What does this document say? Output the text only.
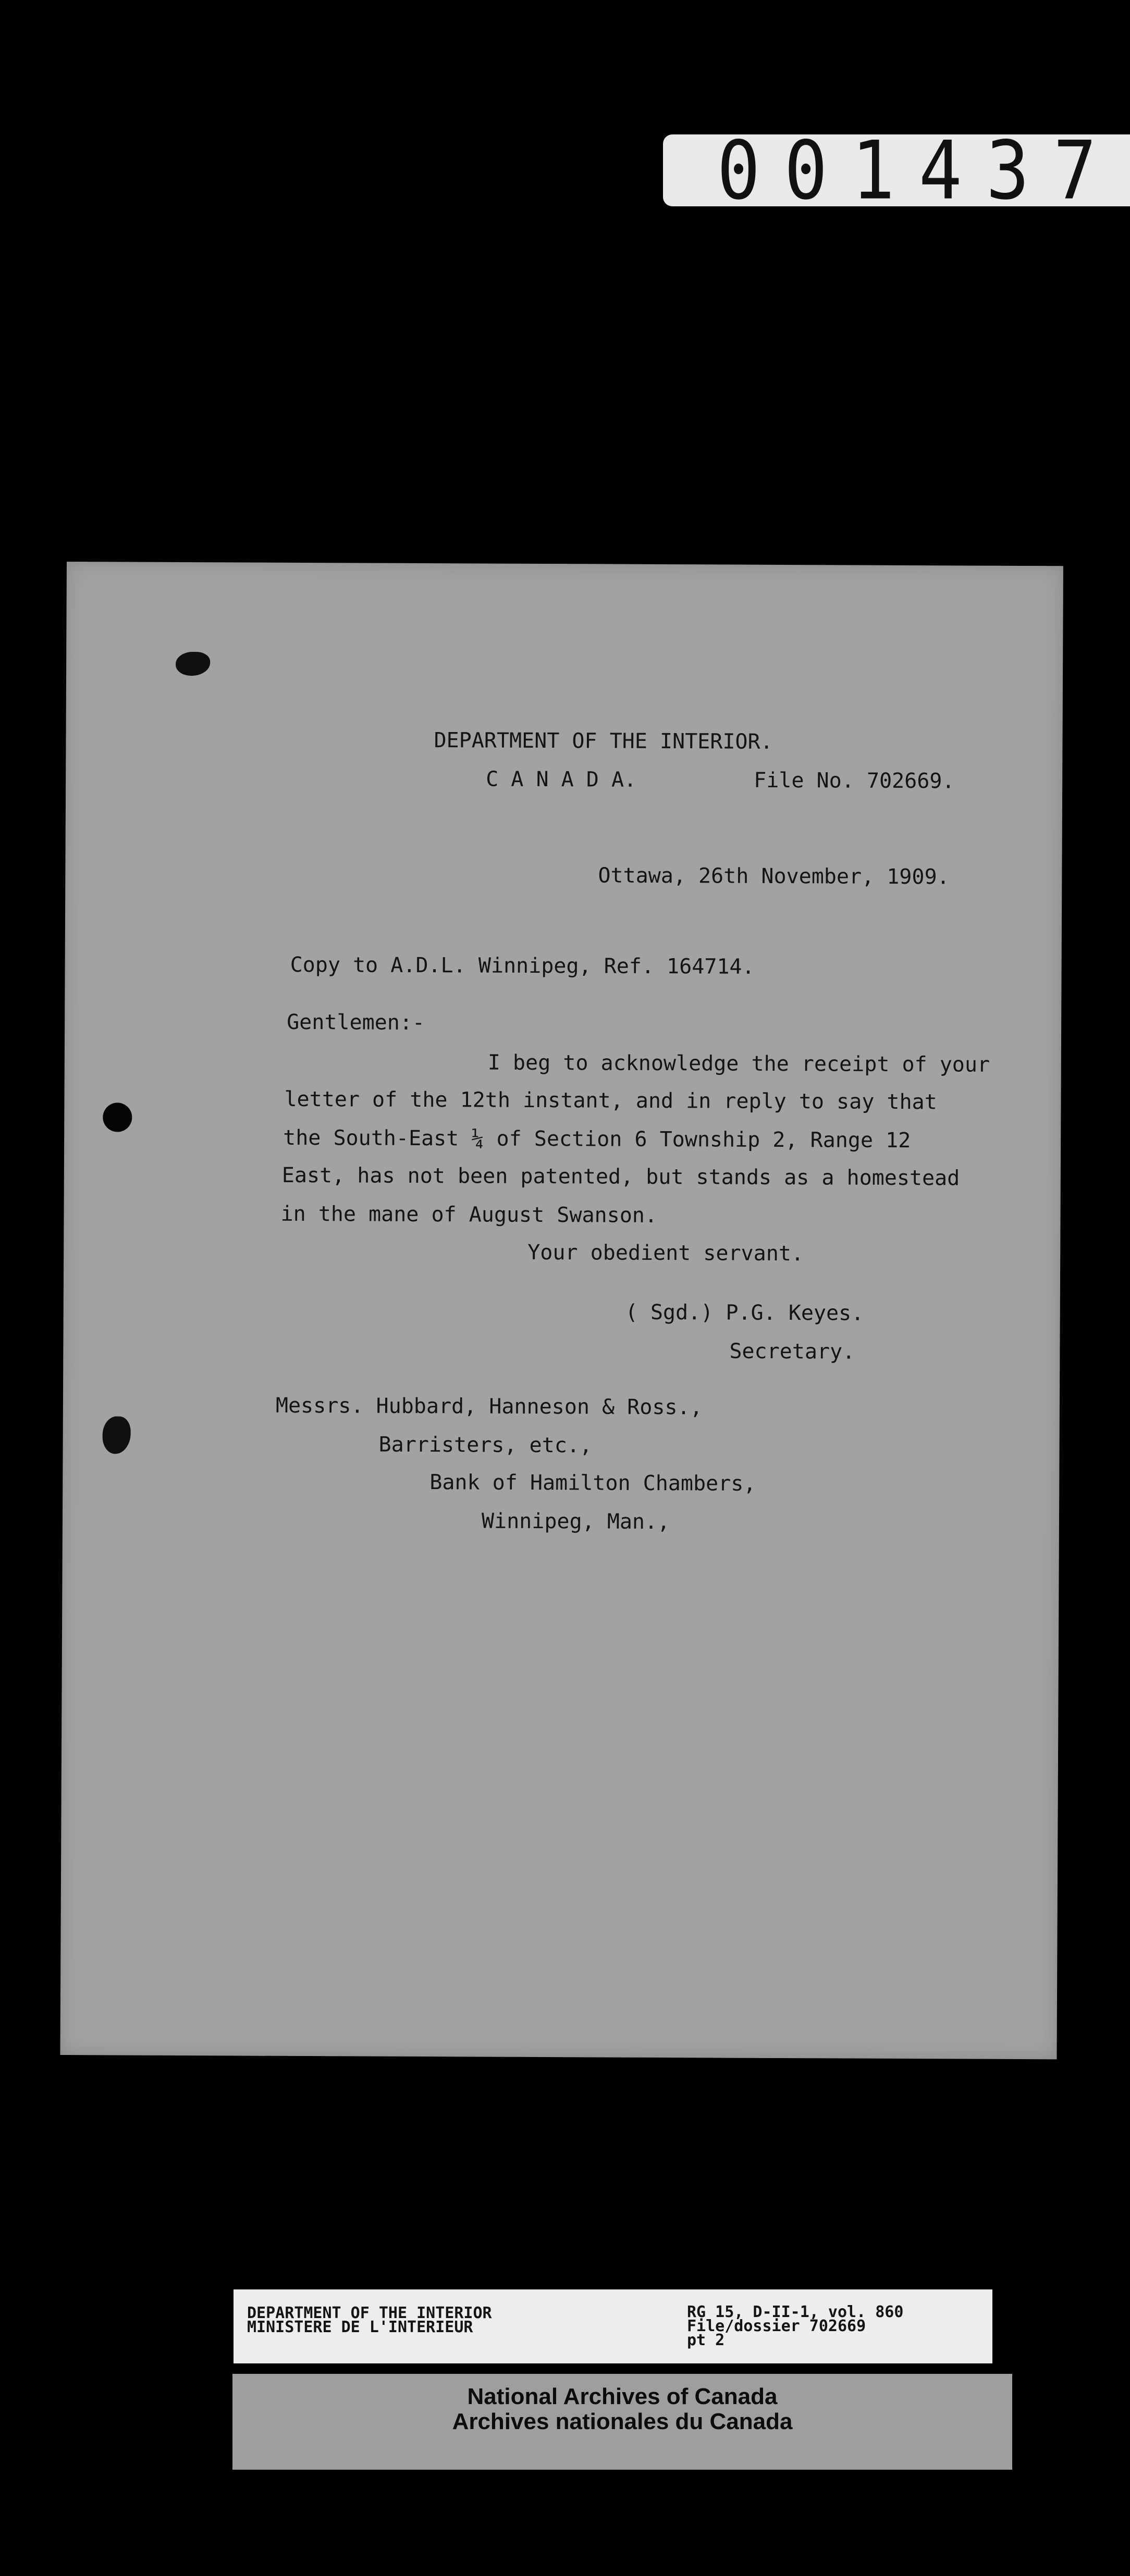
001437
DEPARTMENT OF THE INTERIOR.
C A N A D A.	File No. 702669.
Ottawa, 26th November, 1909.
Copy to A.D.L. Winnipeg, Ref. 164714.
Gentlemen:-
I beg to acknowledge the receipt of your
letter of the 12th instant, and in reply to say that
the South-East ¼ of Section 6 Township 2, Range 12
East, has not been patented, but stands as a homestead
in the mane of August Swanson.
Your obedient servant.
( Sgd.) P.G. Keyes.
Secretary.
Messrs. Hubbard, Hanneson & Ross.,
Barristers, etc.,
Bank of Hamilton Chambers,
Winnipeg, Man.,
DEPARTMENT OF THE INTERIOR
MINISTERE DE L'INTERIEUR
RG 15, D-II-1, vol. 860
File/dossier 702669
pt 2
National Archives of Canada
Archives nationales du Canada
